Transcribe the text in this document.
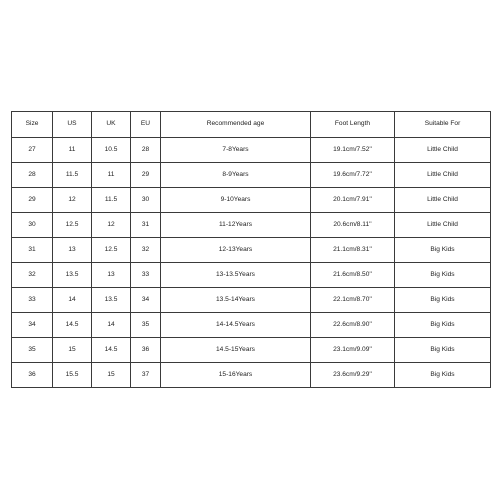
Size	US	UK	EU	Recommended age	Foot Length	Suitable For
27	11	10.5	28	7-8Years	19.1cm/7.52''	Little Child
28	11.5	11	29	8-9Years	19.6cm/7.72''	Little Child
29	12	11.5	30	9-10Years	20.1cm/7.91''	Little Child
30	12.5	12	31	11-12Years	20.6cm/8.11''	Little Child
31	13	12.5	32	12-13Years	21.1cm/8.31''	Big Kids
32	13.5	13	33	13-13.5Years	21.6cm/8.50''	Big Kids
33	14	13.5	34	13.5-14Years	22.1cm/8.70''	Big Kids
34	14.5	14	35	14-14.5Years	22.6cm/8.90''	Big Kids
35	15	14.5	36	14.5-15Years	23.1cm/9.09''	Big Kids
36	15.5	15	37	15-16Years	23.6cm/9.29''	Big Kids
